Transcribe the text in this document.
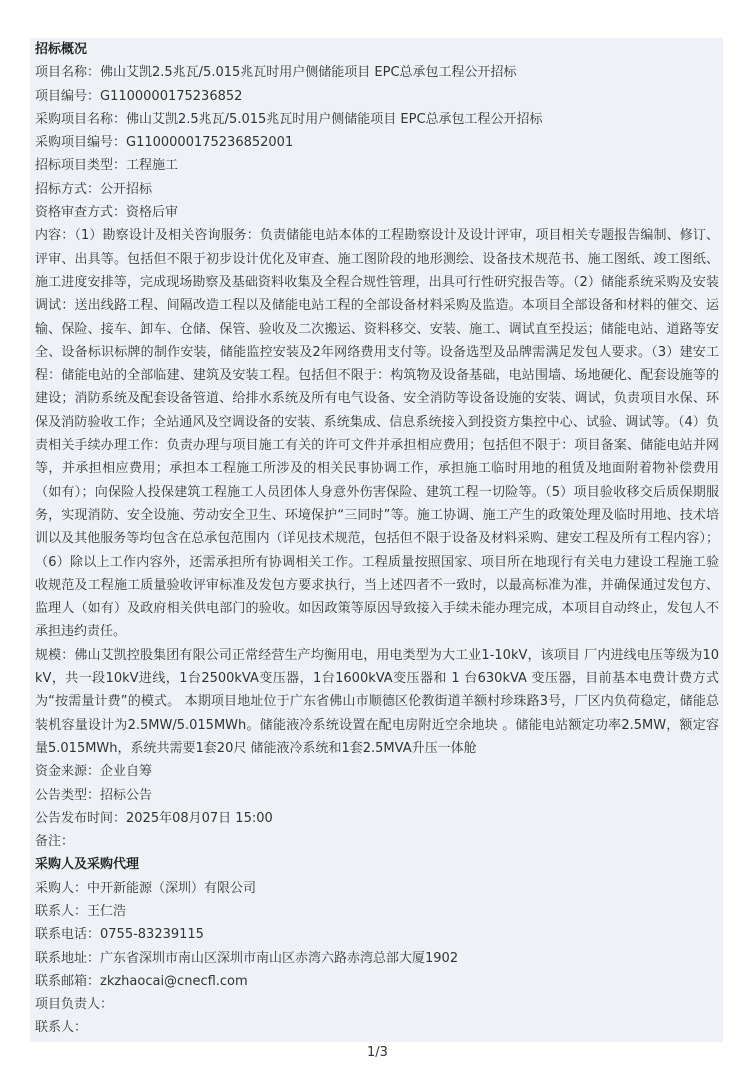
招标概况
项目名称：佛山艾凯2.5兆瓦/5.015兆瓦时用户侧储能项目 EPC总承包工程公开招标
项目编号：G1100000175236852
采购项目名称：佛山艾凯2.5兆瓦/5.015兆瓦时用户侧储能项目 EPC总承包工程公开招标
采购项目编号：G1100000175236852001
招标项目类型：工程施工
招标方式：公开招标
资格审查方式：资格后审
内容：（1）勘察设计及相关咨询服务：负责储能电站本体的工程勘察设计及设计评审，项目相关专题报告编制、修订、评审、出具等。包括但不限于初步设计优化及审查、施工图阶段的地形测绘、设备技术规范书、施工图纸、竣工图纸、施工进度安排等，完成现场勘察及基础资料收集及全程合规性管理，出具可行性研究报告等。（2）储能系统采购及安装调试：送出线路工程、间隔改造工程以及储能电站工程的全部设备材料采购及监造。本项目全部设备和材料的催交、运输、保险、接车、卸车、仓储、保管、验收及二次搬运、资料移交、安装、施工、调试直至投运；储能电站、道路等安全、设备标识标牌的制作安装，储能监控安装及2年网络费用支付等。设备选型及品牌需满足发包人要求。（3）建安工程：储能电站的全部临建、建筑及安装工程。包括但不限于：构筑物及设备基础，电站围墙、场地硬化、配套设施等的建设；消防系统及配套设备管道、给排水系统及所有电气设备、安全消防等设备设施的安装、调试，负责项目水保、环保及消防验收工作；全站通风及空调设备的安装、系统集成、信息系统接入到投资方集控中心、试验、调试等。（4）负责相关手续办理工作：负责办理与项目施工有关的许可文件并承担相应费用；包括但不限于：项目备案、储能电站并网等，并承担相应费用；承担本工程施工所涉及的相关民事协调工作，承担施工临时用地的租赁及地面附着物补偿费用（如有）；向保险人投保建筑工程施工人员团体人身意外伤害保险、建筑工程一切险等。（5）项目验收移交后质保期服务，实现消防、安全设施、劳动安全卫生、环境保护“三同时”等。施工协调、施工产生的政策处理及临时用地、技术培训以及其他服务等均包含在总承包范围内（详见技术规范，包括但不限于设备及材料采购、建安工程及所有工程内容）；（6）除以上工作内容外，还需承担所有协调相关工作。工程质量按照国家、项目所在地现行有关电力建设工程施工验收规范及工程施工质量验收评审标准及发包方要求执行，当上述四者不一致时，以最高标准为准，并确保通过发包方、监理人（如有）及政府相关供电部门的验收。如因政策等原因导致接入手续未能办理完成，本项目自动终止，发包人不承担违约责任。
规模：佛山艾凯控股集团有限公司正常经营生产均衡用电，用电类型为大工业1-10kV，该项目 厂内进线电压等级为10kV，共一段10kV进线，1台2500kVA变压器，1台1600kVA变压器和 1 台630kVA 变压器，目前基本电费计费方式为“按需量计费”的模式。 本期项目地址位于广东省佛山市顺德区伦教街道羊额村珍珠路3号，厂区内负荷稳定，储能总装机容量设计为2.5MW/5.015MWh。储能液冷系统设置在配电房附近空余地块 。储能电站额定功率2.5MW，额定容量5.015MWh，系统共需要1套20尺 储能液冷系统和1套2.5MVA升压一体舱
资金来源：企业自筹
公告类型：招标公告
公告发布时间：2025年08月07日 15:00
备注：
采购人及采购代理
采购人：中开新能源（深圳）有限公司
联系人：王仁浩
联系电话：0755-83239115
联系地址：广东省深圳市南山区深圳市南山区赤湾六路赤湾总部大厦1902
联系邮箱：zkzhaocai@cnecfl.com
项目负责人：
联系人：
1/3
